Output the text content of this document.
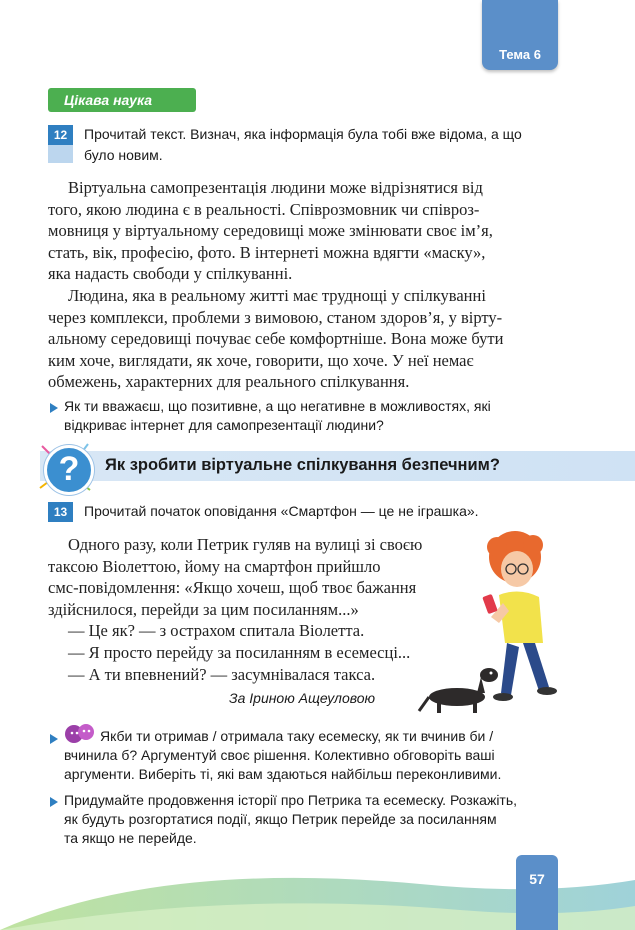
Тема 6
Цікава наука
12	Прочитай текст. Визнач, яка інформація була тобі вже відома, а що
було новим.
Віртуальна самопрезентація людини може відрізнятися від
того, якою людина є в реальності. Співрозмовник чи співроз-
мовниця у віртуальному середовищі може змінювати своє ім’я,
стать, вік, професію, фото. В інтернеті можна вдягти «маску»,
яка надасть свободи у спілкуванні.
Людина, яка в реальному житті має труднощі у спілкуванні
через комплекси, проблеми з вимовою, станом здоров’я, у вірту-
альному середовищі почуває себе комфортніше. Вона може бути
ким хоче, виглядати, як хоче, говорити, що хоче. У неї немає
обмежень, характерних для реального спілкування.
Як ти вважаєш, що позитивне, а що негативне в можливостях, які
відкриває інтернет для самопрезентації людини?
?	Як зробити віртуальне спілкування безпечним?
13	Прочитай початок оповідання «Смартфон — це не іграшка».
Одного разу, коли Петрик гуляв на вулиці зі своєю
таксою Віолеттою, йому на смартфон прийшло
смс-повідомлення: «Якщо хочеш, щоб твоє бажання
здійснилося, перейди за цим посиланням...»
— Це як? — з острахом спитала Віолетта.
— Я просто перейду за посиланням в есемесці...
— А ти впевнений? — засумнівалася такса.
За Іриною Ащеуловою
Якби ти отримав / отримала таку есемеску, як ти вчинив би /
вчинила б? Аргументуй своє рішення. Колективно обговоріть ваші
аргументи. Виберіть ті, які вам здаються найбільш переконливими.
Придумайте продовження історії про Петрика та есемеску. Розкажіть,
як будуть розгортатися події, якщо Петрик перейде за посиланням
та якщо не перейде.
57
